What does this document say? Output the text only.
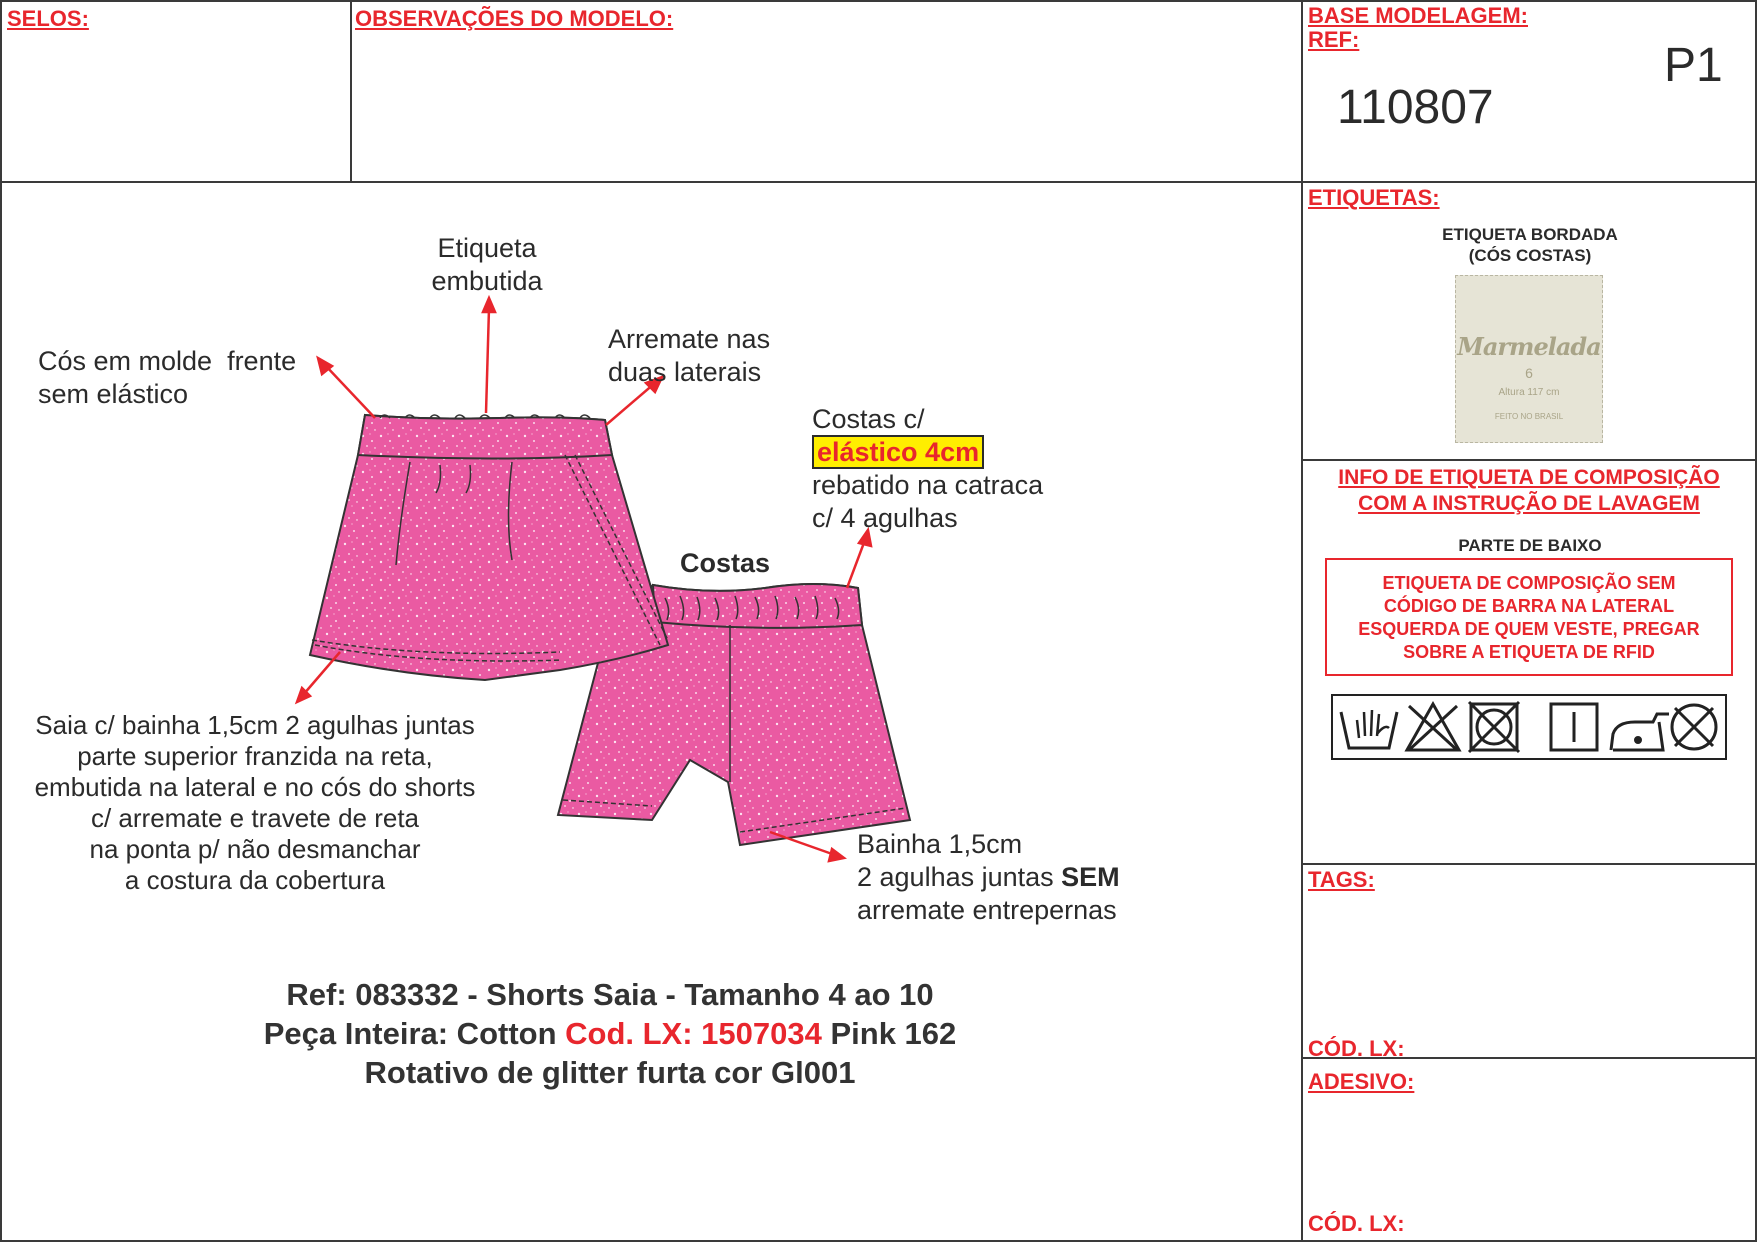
SELOS:	OBSERVAÇÕES DO MODELO:	BASE MODELAGEM:
REF:
110807
P1
Etiqueta
embutida
Cós em molde  frente
sem elástico
Arremate nas
duas laterais
Costas c/
elástico 4cm
rebatido na catraca
c/ 4 agulhas
Costas
Saia c/ bainha 1,5cm 2 agulhas juntas
parte superior franzida na reta,
embutida na lateral e no cós do shorts
c/ arremate e travete de reta
na ponta p/ não desmanchar
a costura da cobertura
Bainha 1,5cm
2 agulhas juntas SEM
arremate entrepernas
Ref: 083332 - Shorts Saia - Tamanho 4 ao 10
Peça Inteira: Cotton Cod. LX: 1507034 Pink 162
Rotativo de glitter furta cor Gl001
ETIQUETAS:
ETIQUETA BORDADA
(CÓS COSTAS)
Marmelada
6
Altura 117 cm
FEITO NO BRASIL
INFO DE ETIQUETA DE COMPOSIÇÃO
COM A INSTRUÇÃO DE LAVAGEM
PARTE DE BAIXO
ETIQUETA DE COMPOSIÇÃO SEM
CÓDIGO DE BARRA NA LATERAL
ESQUERDA DE QUEM VESTE, PREGAR
SOBRE A ETIQUETA DE RFID
TAGS:
CÓD. LX:
ADESIVO:
CÓD. LX:
